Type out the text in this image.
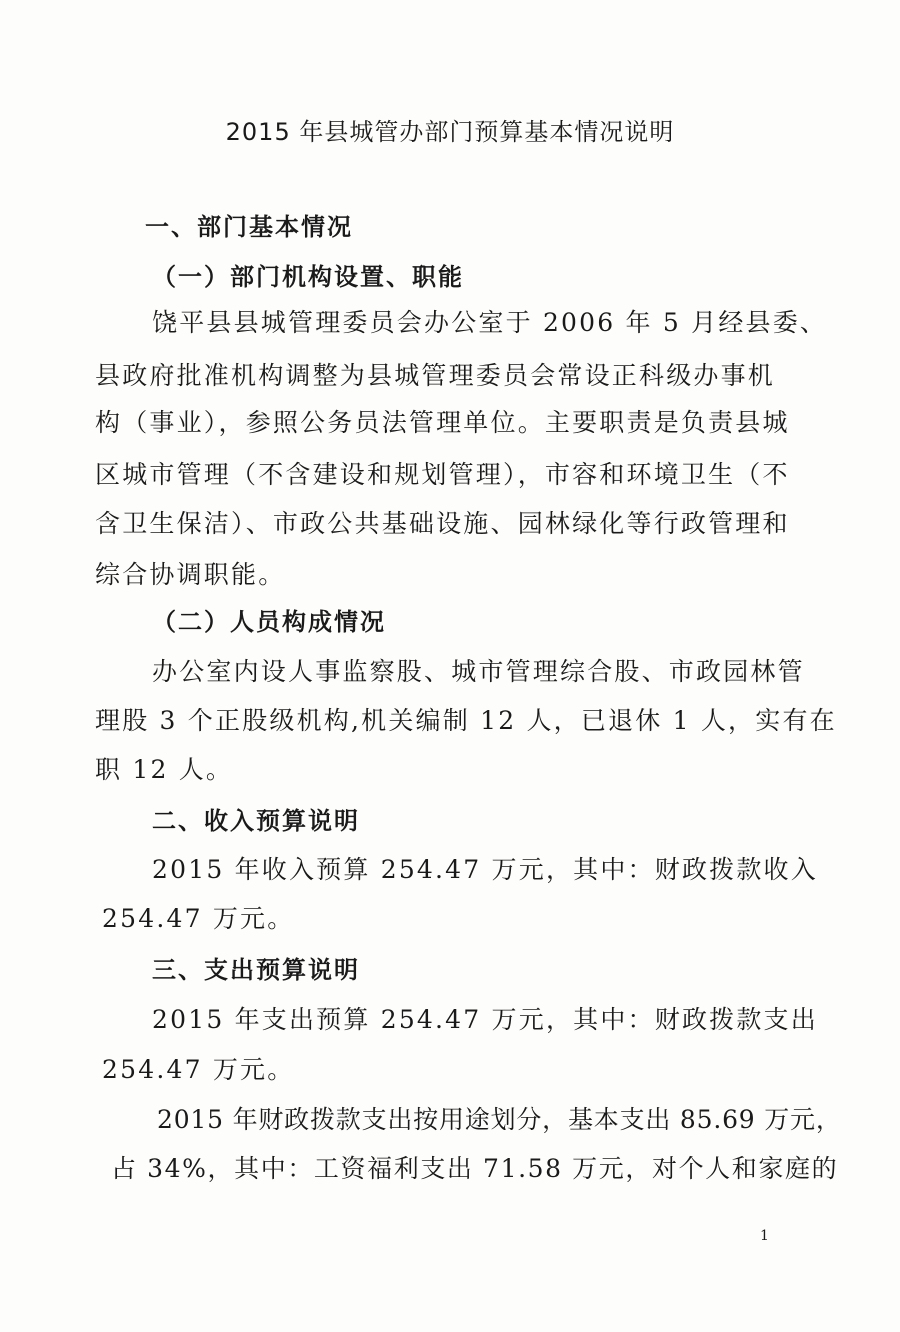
2015 年县城管办部门预算基本情况说明
一、部门基本情况
（一）部门机构设置、职能
饶平县县城管理委员会办公室于 2006 年 5 月经县委、
县政府批准机构调整为县城管理委员会常设正科级办事机
构（事业），参照公务员法管理单位。主要职责是负责县城
区城市管理（不含建设和规划管理），市容和环境卫生（不
含卫生保洁）、市政公共基础设施、园林绿化等行政管理和
综合协调职能。
（二）人员构成情况
办公室内设人事监察股、城市管理综合股、市政园林管
理股 3 个正股级机构,机关编制 12 人，已退休 1 人，实有在
职 12 人。
二、收入预算说明
2015 年收入预算 254.47 万元，其中：财政拨款收入
254.47 万元。
三、支出预算说明
2015 年支出预算 254.47 万元，其中：财政拨款支出
254.47 万元。
2015 年财政拨款支出按用途划分，基本支出 85.69 万元，
占 34%，其中：工资福利支出 71.58 万元，对个人和家庭的
1
